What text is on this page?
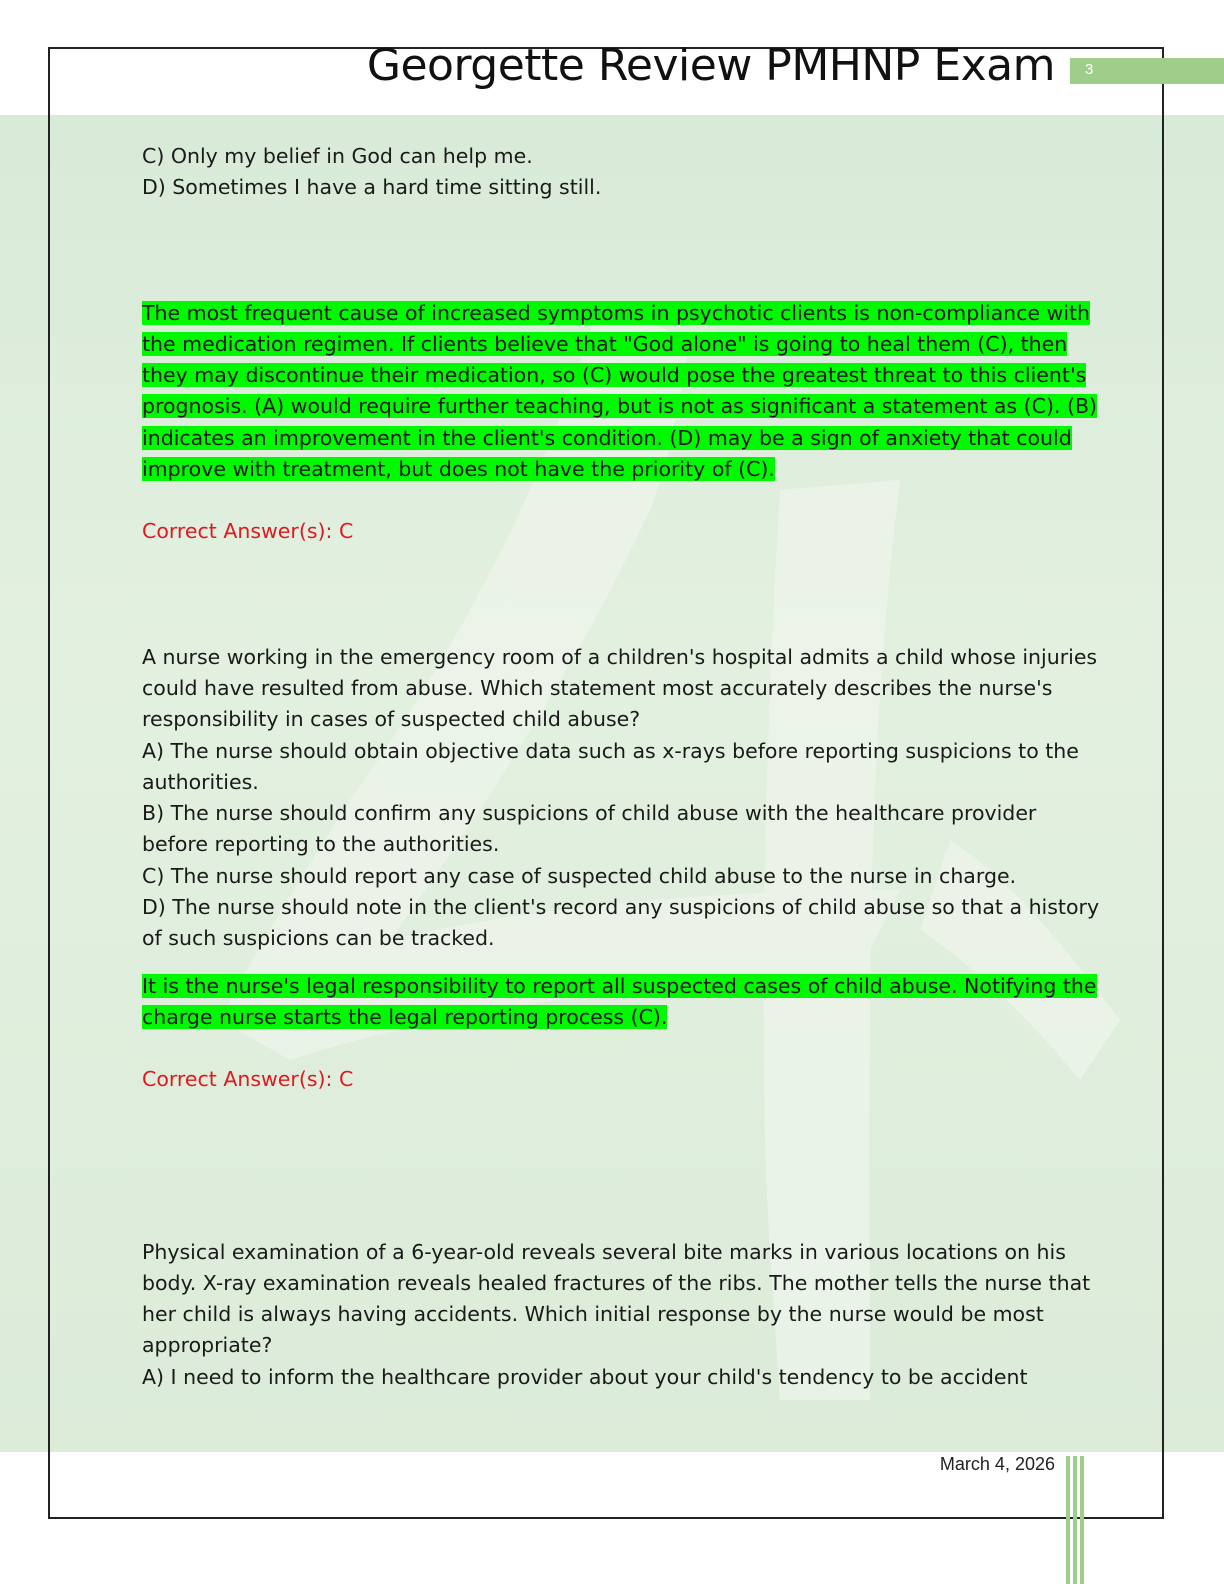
Georgette Review PMHNP Exam 3
C) Only my belief in God can help me.
D) Sometimes I have a hard time sitting still.
The most frequent cause of increased symptoms in psychotic clients is non-compliance with
the medication regimen. If clients believe that "God alone" is going to heal them (C), then
they may discontinue their medication, so (C) would pose the greatest threat to this client's
prognosis. (A) would require further teaching, but is not as significant a statement as (C). (B)
indicates an improvement in the client's condition. (D) may be a sign of anxiety that could
improve with treatment, but does not have the priority of (C).
Correct Answer(s): C
A nurse working in the emergency room of a children's hospital admits a child whose injuries
could have resulted from abuse. Which statement most accurately describes the nurse's
responsibility in cases of suspected child abuse?
A) The nurse should obtain objective data such as x-rays before reporting suspicions to the
authorities.
B) The nurse should confirm any suspicions of child abuse with the healthcare provider
before reporting to the authorities.
C) The nurse should report any case of suspected child abuse to the nurse in charge.
D) The nurse should note in the client's record any suspicions of child abuse so that a history
of such suspicions can be tracked.
It is the nurse's legal responsibility to report all suspected cases of child abuse. Notifying the
charge nurse starts the legal reporting process (C).
Correct Answer(s): C
Physical examination of a 6-year-old reveals several bite marks in various locations on his
body. X-ray examination reveals healed fractures of the ribs. The mother tells the nurse that
her child is always having accidents. Which initial response by the nurse would be most
appropriate?
A) I need to inform the healthcare provider about your child's tendency to be accident
March 4, 2026
